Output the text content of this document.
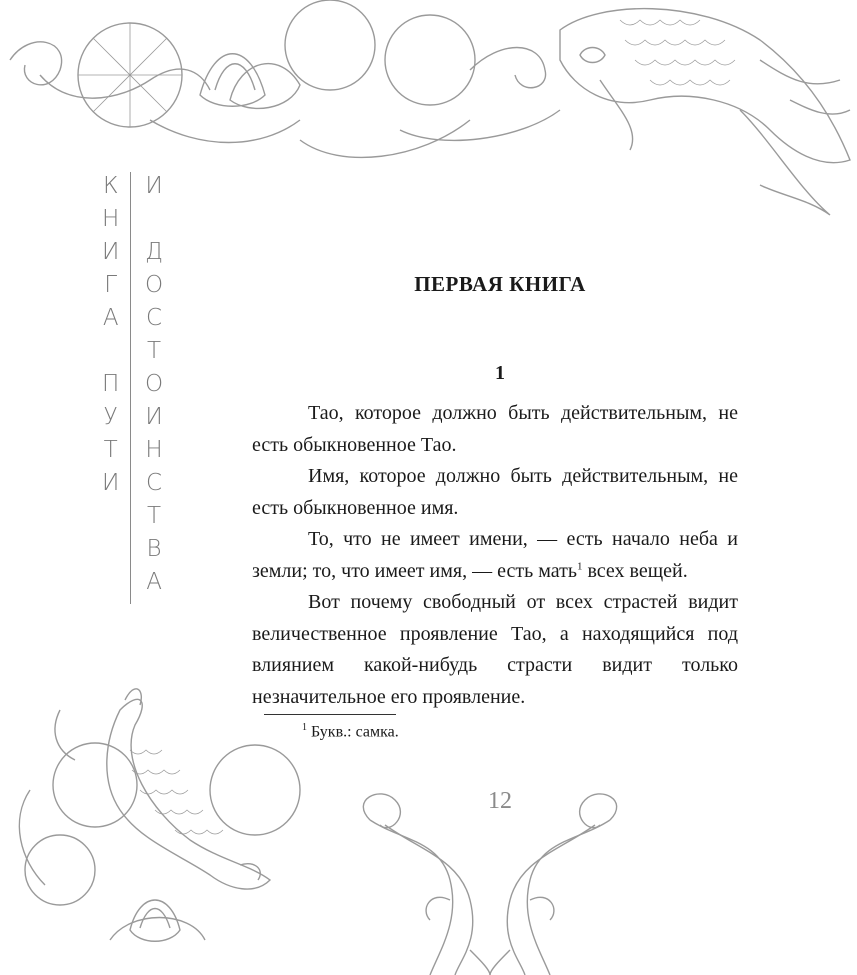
К
Н
И
Г
А
П
У
Т
И
И
Д
О
С
Т
О
И
Н
С
Т
В
А
ПЕРВАЯ КНИГА
1

Тао, которое должно быть действительным, не есть обыкновенное Тао.

Имя, которое должно быть действительным, не есть обыкновенное имя.

То, что не имеет имени, — есть начало неба и земли; то, что имеет имя, — есть мать$^1$ всех вещей.

Вот почему свободный от всех страстей видит величественное проявление Тао, а находящийся под влиянием какой-нибудь страсти видит только незначительное его проявление.

$^1$ Букв.: самка.
12
